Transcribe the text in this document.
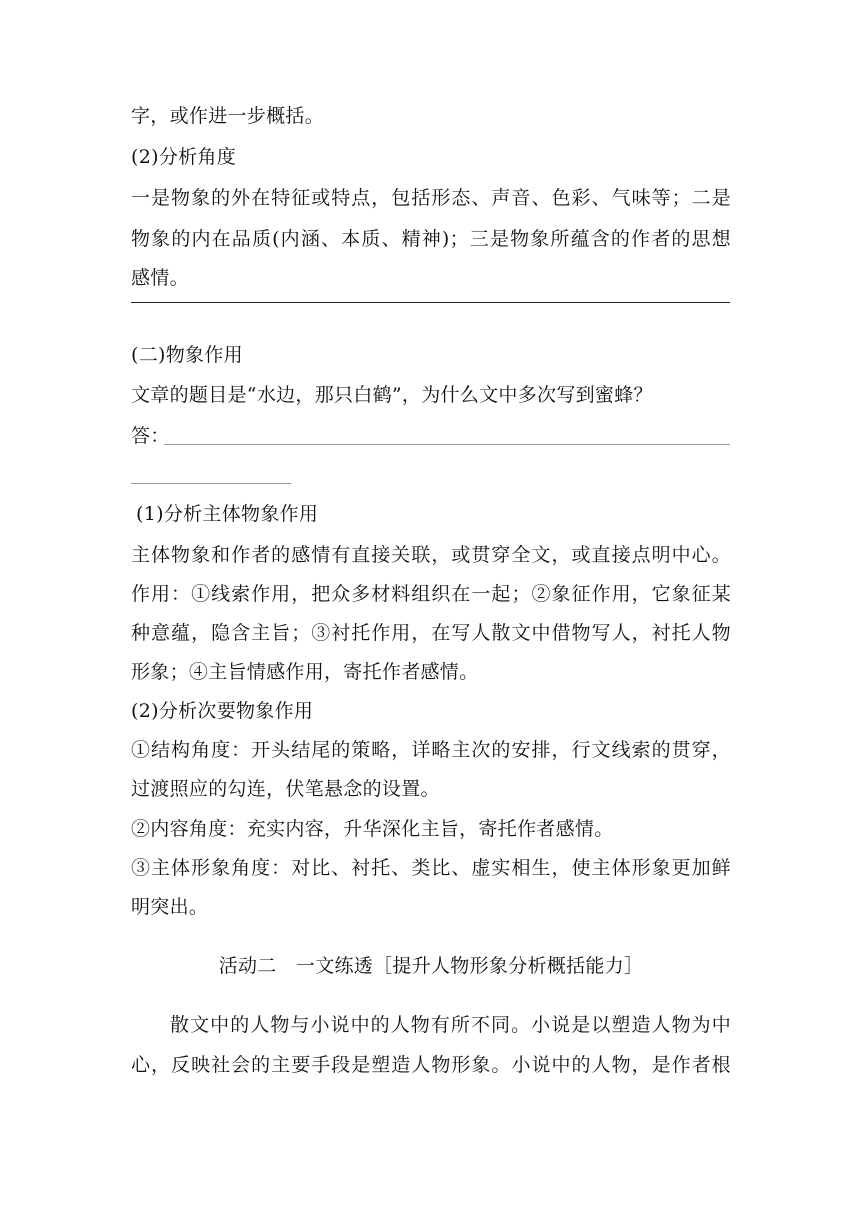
字，或作进一步概括。
(2)分析角度
一是物象的外在特征或特点，包括形态、声音、色彩、气味等；二是
物象的内在品质(内涵、本质、精神)；三是物象所蕴含的作者的思想
感情。
(二)物象作用
文章的题目是“水边，那只白鹤”，为什么文中多次写到蜜蜂？
答：
(1)分析主体物象作用
主体物象和作者的感情有直接关联，或贯穿全文，或直接点明中心。
作用：①线索作用，把众多材料组织在一起；②象征作用，它象征某
种意蕴，隐含主旨；③衬托作用，在写人散文中借物写人，衬托人物
形象；④主旨情感作用，寄托作者感情。
(2)分析次要物象作用
①结构角度：开头结尾的策略，详略主次的安排，行文线索的贯穿，
过渡照应的勾连，伏笔悬念的设置。
②内容角度：充实内容，升华深化主旨，寄托作者感情。
③主体形象角度：对比、衬托、类比、虚实相生，使主体形象更加鲜
明突出。
活动二　一文练透［提升人物形象分析概括能力］
散文中的人物与小说中的人物有所不同。小说是以塑造人物为中
心，反映社会的主要手段是塑造人物形象。小说中的人物，是作者根
